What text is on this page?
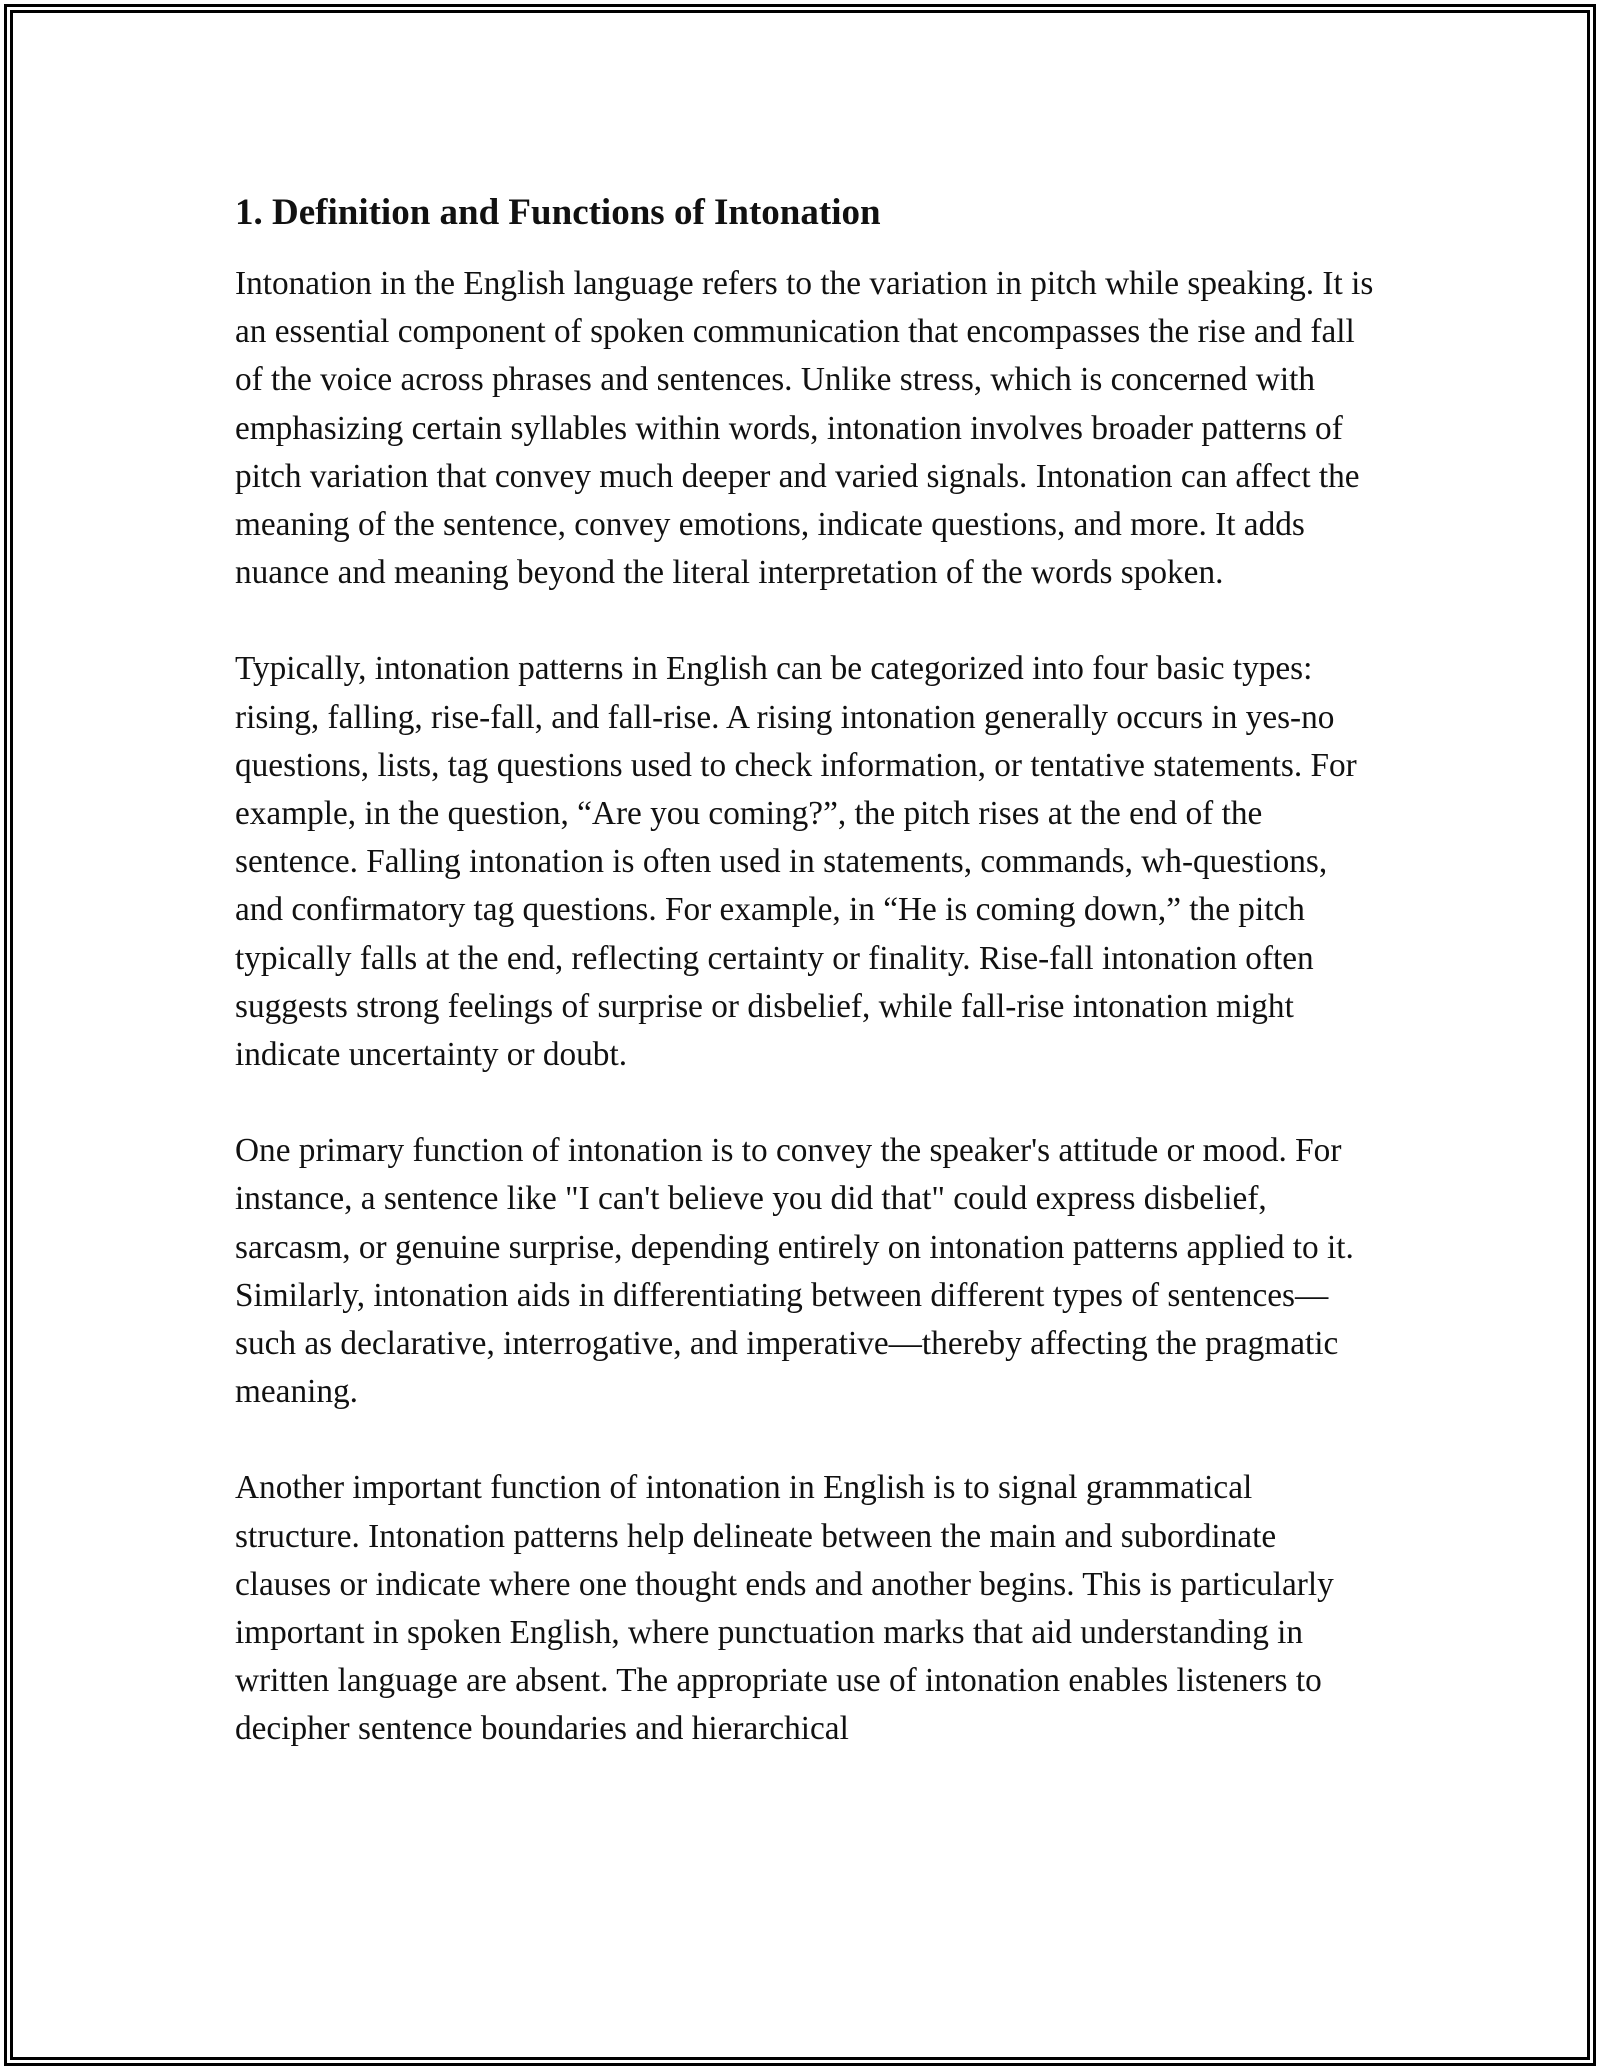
1. Definition and Functions of Intonation

Intonation in the English language refers to the variation in pitch while speaking. It is an essential component of spoken communication that encompasses the rise and fall of the voice across phrases and sentences. Unlike stress, which is concerned with emphasizing certain syllables within words, intonation involves broader patterns of pitch variation that convey much deeper and varied signals. Intonation can affect the meaning of the sentence, convey emotions, indicate questions, and more. It adds nuance and meaning beyond the literal interpretation of the words spoken.

Typically, intonation patterns in English can be categorized into four basic types: rising, falling, rise-fall, and fall-rise. A rising intonation generally occurs in yes-no questions, lists, tag questions used to check information, or tentative statements. For example, in the question, “Are you coming?”, the pitch rises at the end of the sentence. Falling intonation is often used in statements, commands, wh-questions, and confirmatory tag questions. For example, in “He is coming down,” the pitch typically falls at the end, reflecting certainty or finality. Rise-fall intonation often suggests strong feelings of surprise or disbelief, while fall-rise intonation might indicate uncertainty or doubt.

One primary function of intonation is to convey the speaker's attitude or mood. For instance, a sentence like "I can't believe you did that" could express disbelief, sarcasm, or genuine surprise, depending entirely on intonation patterns applied to it. Similarly, intonation aids in differentiating between different types of sentences—such as declarative, interrogative, and imperative—thereby affecting the pragmatic meaning.

Another important function of intonation in English is to signal grammatical structure. Intonation patterns help delineate between the main and subordinate clauses or indicate where one thought ends and another begins. This is particularly important in spoken English, where punctuation marks that aid understanding in written language are absent. The appropriate use of intonation enables listeners to decipher sentence boundaries and hierarchical
